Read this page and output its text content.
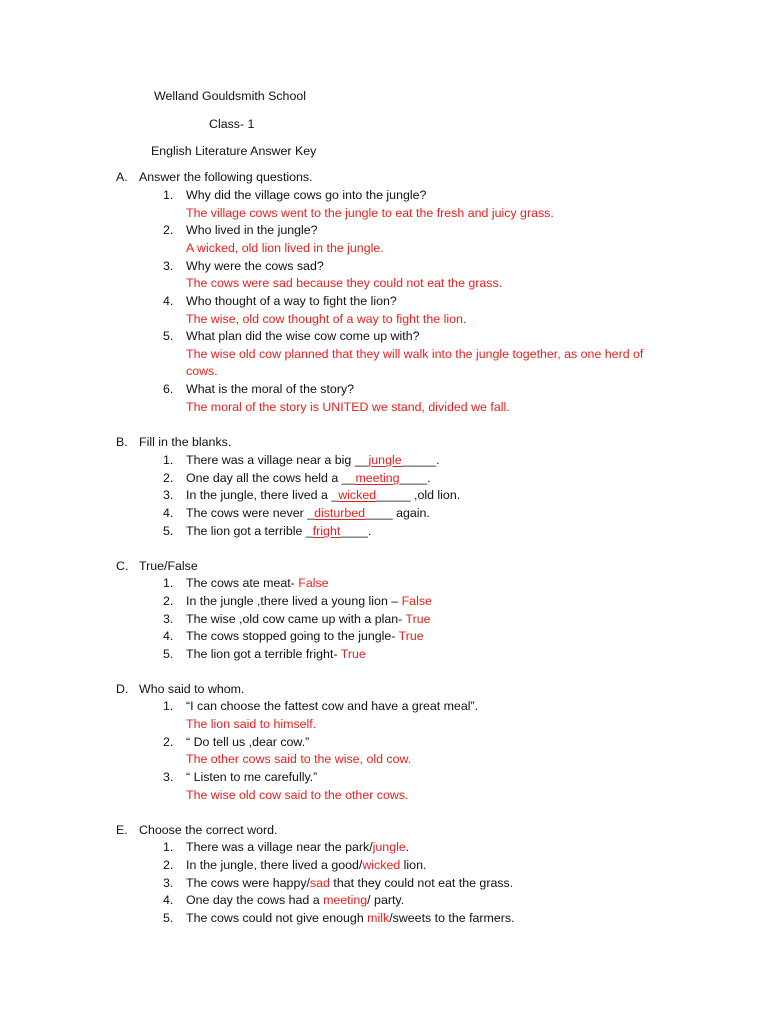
Welland Gouldsmith School
Class- 1
English Literature Answer Key
A. Answer the following questions.
1. Why did the village cows go into the jungle?
The village cows went to the jungle to eat the fresh and juicy grass.
2. Who lived in the jungle?
A wicked, old lion lived in the jungle.
3. Why were the cows sad?
The cows were sad because they could not eat the grass.
4. Who thought of a way to fight the lion?
The wise, old cow thought of a way to fight the lion.
5. What plan did the wise cow come up with?
The wise old cow planned that they will walk into the jungle together, as one herd of
cows.
6. What is the moral of the story?
The moral of the story is UNITED we stand, divided we fall.
B. Fill in the blanks.
1. There was a village near a big __jungle_____.
2. One day all the cows held a __meeting____.
3. In the jungle, there lived a _wicked_____ ,old lion.
4. The cows were never _disturbed____ again.
5. The lion got a terrible _fright____.
C. True/False
1. The cows ate meat- False
2. In the jungle ,there lived a young lion – False
3. The wise ,old cow came up with a plan- True
4. The cows stopped going to the jungle- True
5. The lion got a terrible fright- True
D. Who said to whom.
1. “I can choose the fattest cow and have a great meal”.
The lion said to himself.
2. “ Do tell us ,dear cow.”
The other cows said to the wise, old cow.
3. “ Listen to me carefully.”
The wise old cow said to the other cows.
E. Choose the correct word.
1. There was a village near the park/jungle.
2. In the jungle, there lived a good/wicked lion.
3. The cows were happy/sad that they could not eat the grass.
4. One day the cows had a meeting/ party.
5. The cows could not give enough milk/sweets to the farmers.
